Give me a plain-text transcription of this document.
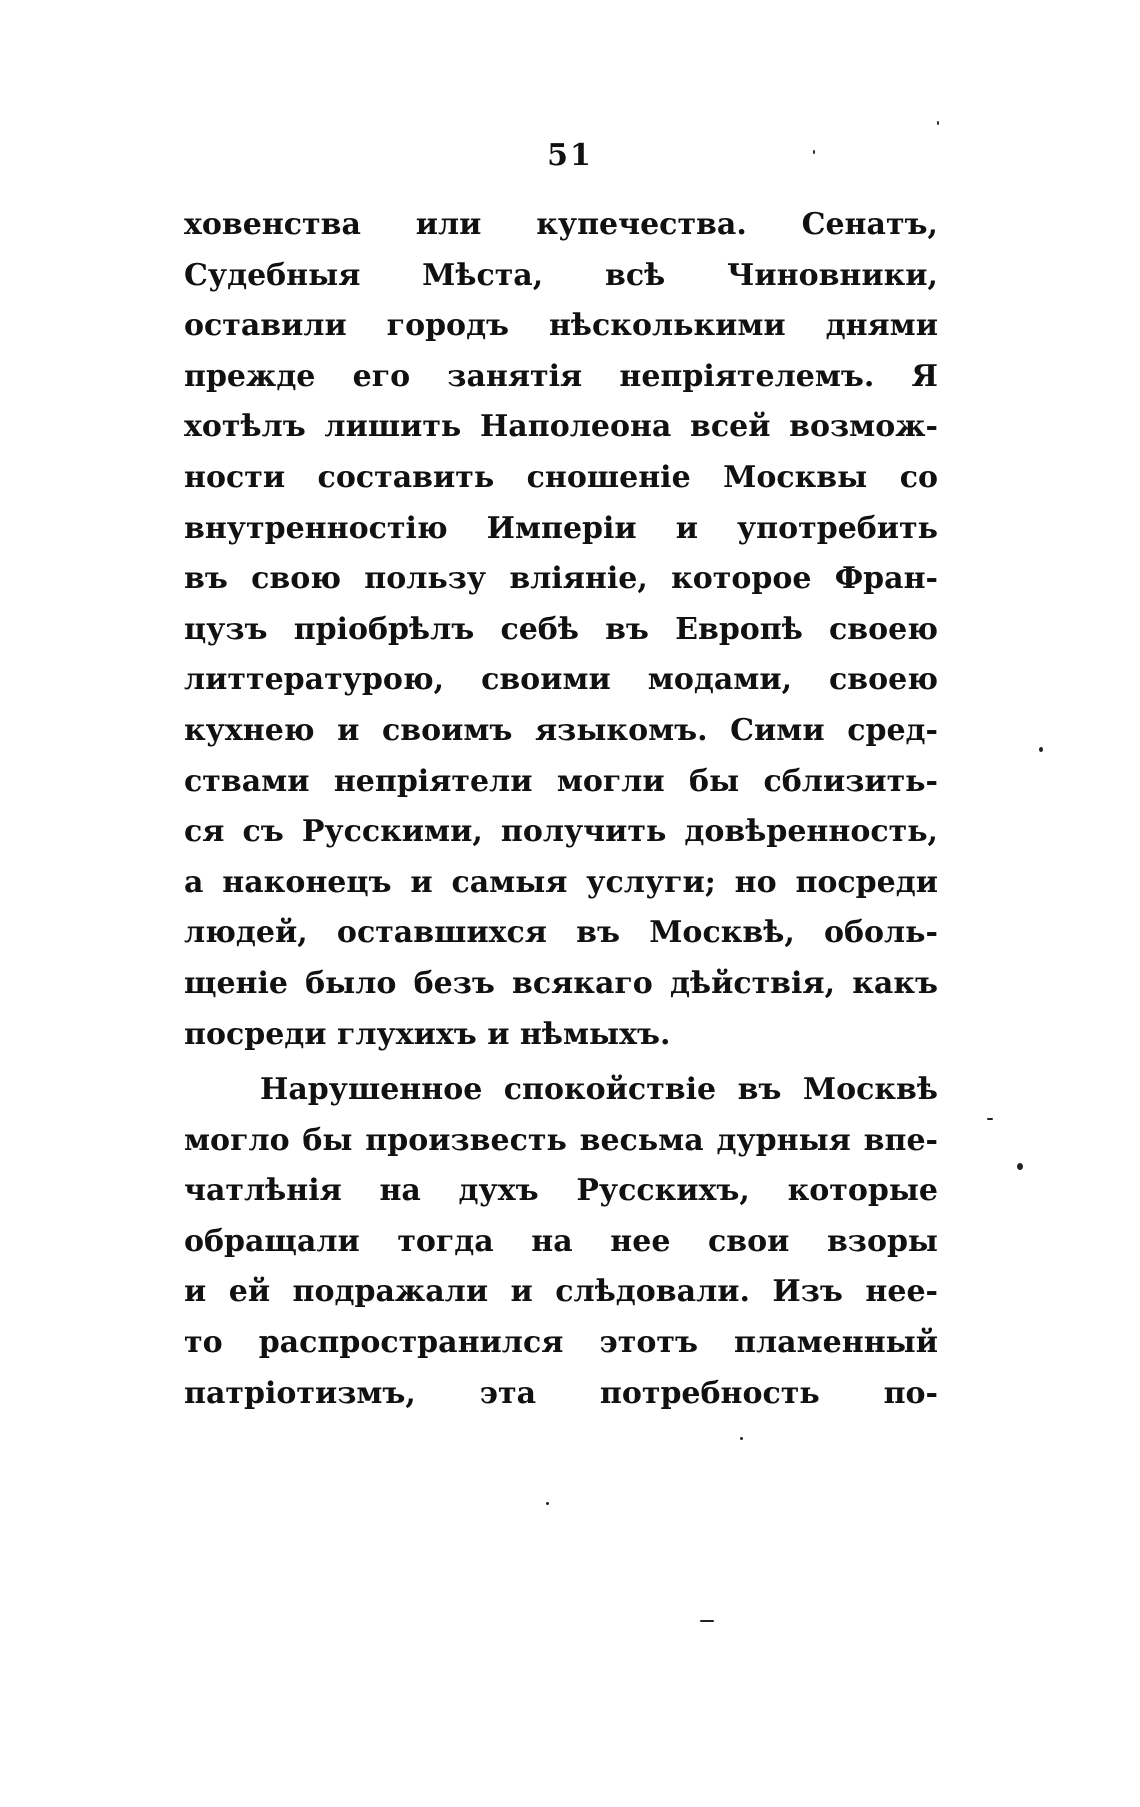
51
ховенства или купечества. Сенатъ,
Судебныя Мѣста, всѣ Чиновники,
оставили городъ нѣсколькими днями
прежде его занятія непріятелемъ. Я
хотѣлъ лишить Наполеона всей возмож-
ности составить сношеніе Москвы со
внутренностію Имперіи и употребить
въ свою пользу вліяніе, которое Фран-
цузъ пріобрѣлъ себѣ въ Европѣ своею
литтературою, своими модами, своею
кухнею и своимъ языкомъ. Сими сред-
ствами непріятели могли бы сблизить-
ся съ Русскими, получить довѣренность,
а наконецъ и самыя услуги; но посреди
людей, оставшихся въ Москвѣ, оболь-
щеніе было безъ всякаго дѣйствія, какъ
посреди глухихъ и нѣмыхъ.
Нарушенное спокойствіе въ Москвѣ
могло бы произвесть весьма дурныя впе-
чатлѣнія на духъ Русскихъ, которые
обращали тогда на нее свои взоры
и ей подражали и слѣдовали. Изъ нее-
то распространился этотъ пламенный
патріотизмъ, эта потребность по-
